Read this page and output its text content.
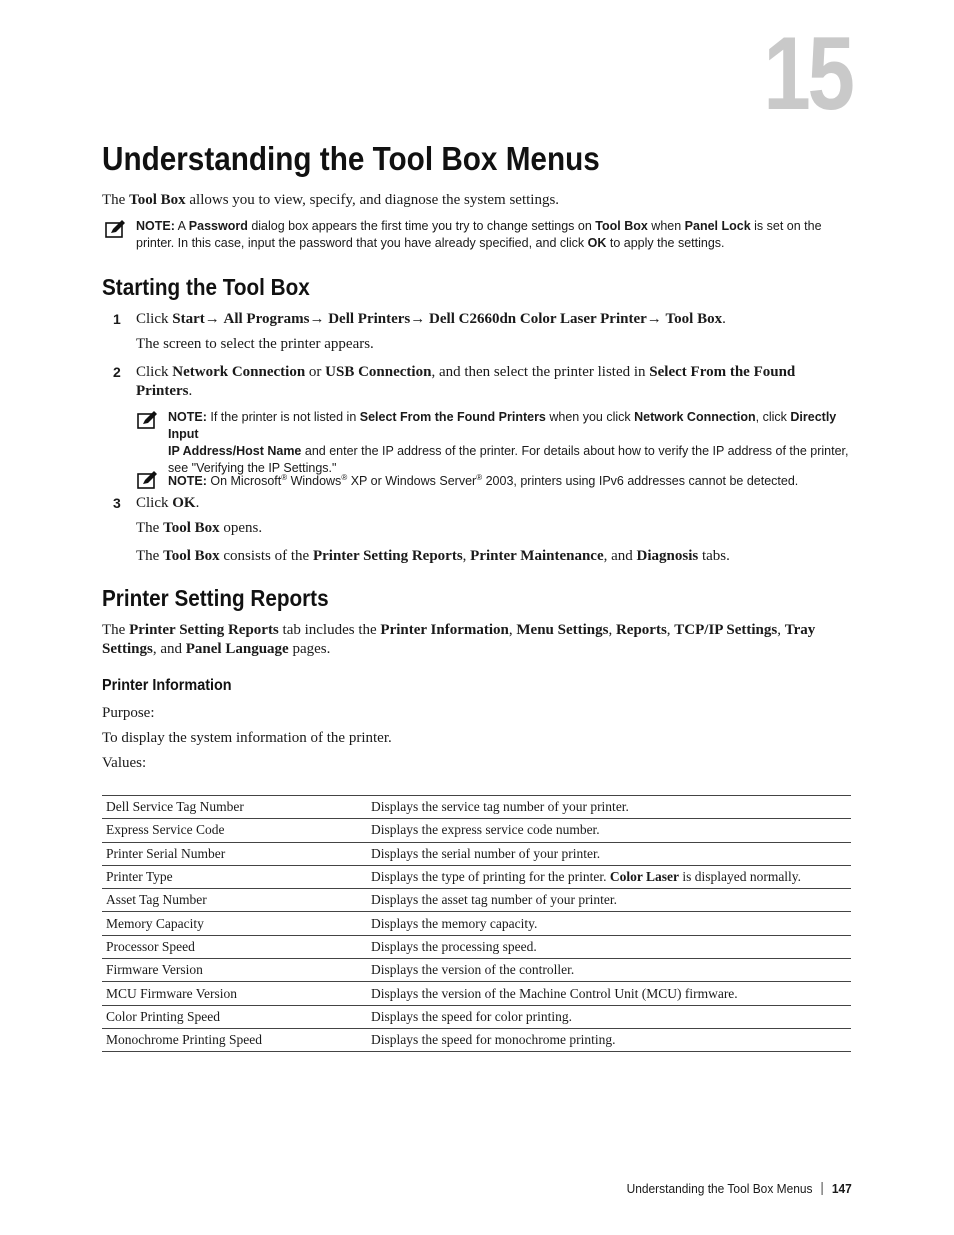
15
Understanding the Tool Box Menus
The Tool Box allows you to view, specify, and diagnose the system settings.
NOTE: A Password dialog box appears the first time you try to change settings on Tool Box when Panel Lock is set on the printer. In this case, input the password that you have already specified, and click OK to apply the settings.
Starting the Tool Box
1 Click Start→ All Programs→ Dell Printers→ Dell C2660dn Color Laser Printer→ Tool Box.
The screen to select the printer appears.
2 Click Network Connection or USB Connection, and then select the printer listed in Select From the Found
Printers.
NOTE: If the printer is not listed in Select From the Found Printers when you click Network Connection, click Directly Input
IP Address/Host Name and enter the IP address of the printer. For details about how to verify the IP address of the printer,
see "Verifying the IP Settings."
NOTE: On Microsoft® Windows® XP or Windows Server® 2003, printers using IPv6 addresses cannot be detected.
3 Click OK.
The Tool Box opens.
The Tool Box consists of the Printer Setting Reports, Printer Maintenance, and Diagnosis tabs.
Printer Setting Reports
The Printer Setting Reports tab includes the Printer Information, Menu Settings, Reports, TCP/IP Settings, Tray
Settings, and Panel Language pages.
Printer Information
Purpose:
To display the system information of the printer.
Values:
Dell Service Tag Number	Displays the service tag number of your printer.
Express Service Code	Displays the express service code number.
Printer Serial Number	Displays the serial number of your printer.
Printer Type	Displays the type of printing for the printer. Color Laser is displayed normally.
Asset Tag Number	Displays the asset tag number of your printer.
Memory Capacity	Displays the memory capacity.
Processor Speed	Displays the processing speed.
Firmware Version	Displays the version of the controller.
MCU Firmware Version	Displays the version of the Machine Control Unit (MCU) firmware.
Color Printing Speed	Displays the speed for color printing.
Monochrome Printing Speed	Displays the speed for monochrome printing.
Understanding the Tool Box Menus 147
